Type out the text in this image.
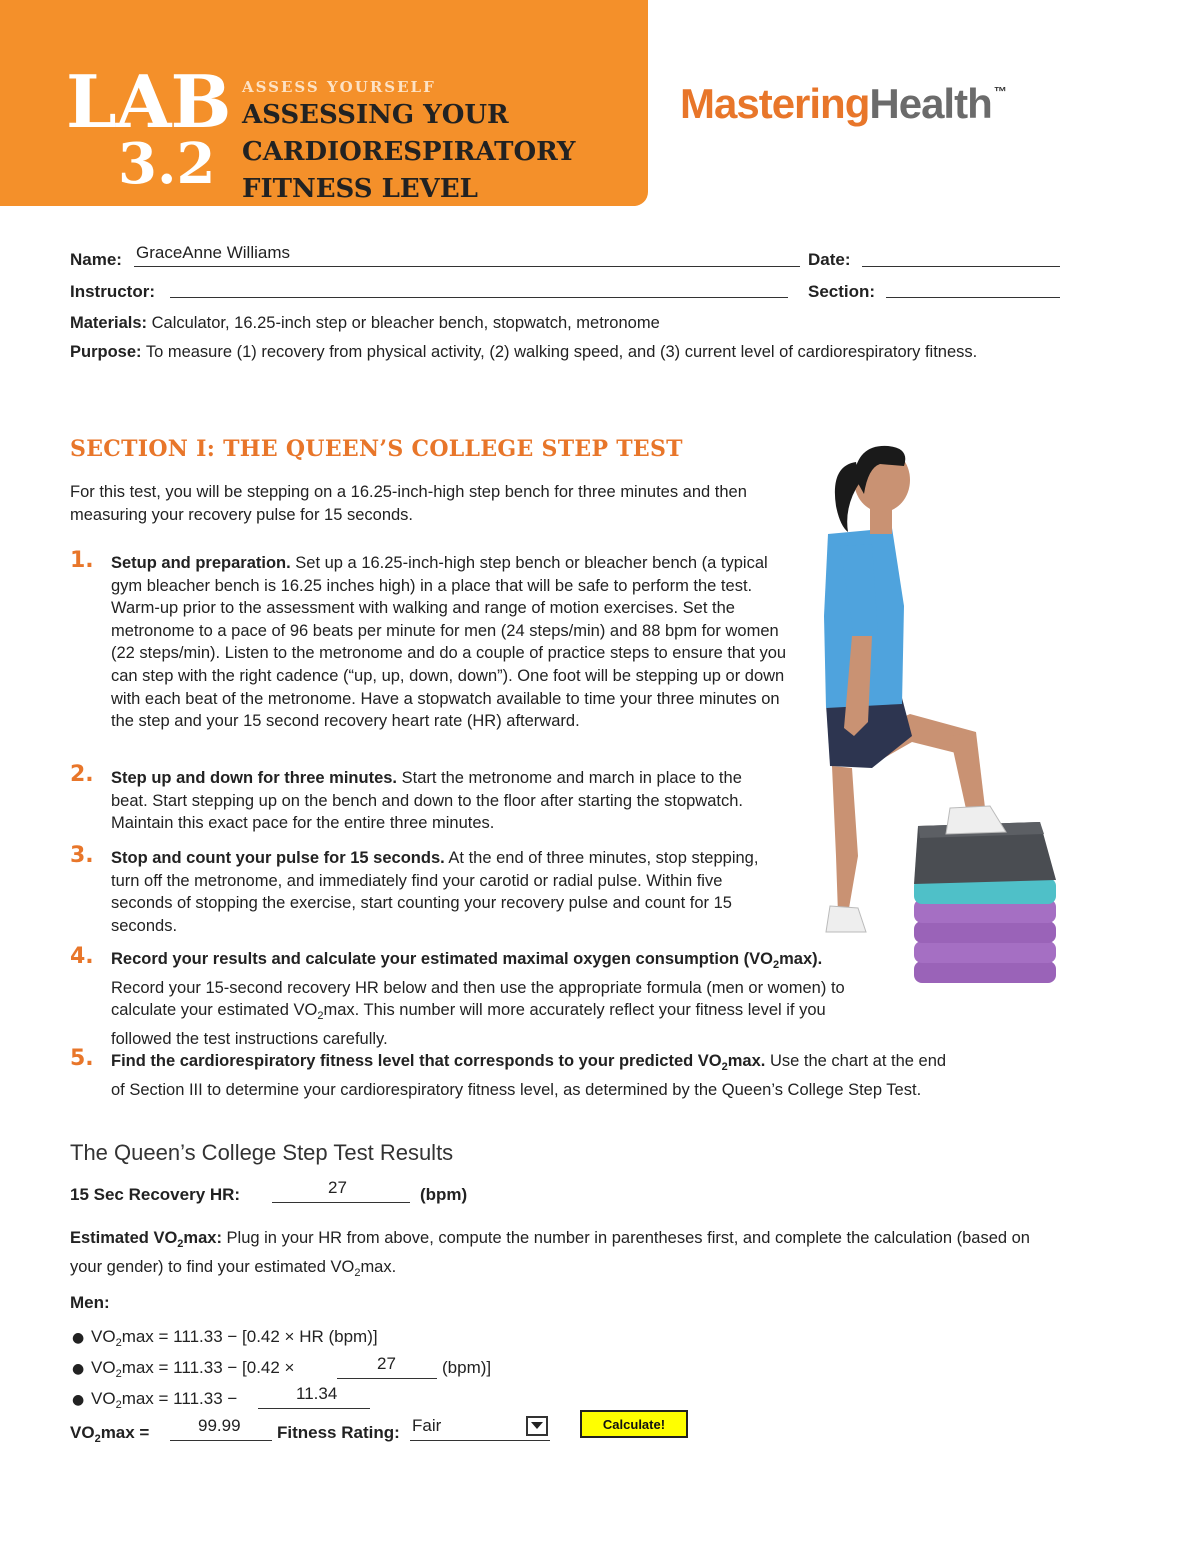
LAB
3.2
ASSESS YOURSELF
ASSESSING YOUR
CARDIORESPIRATORY
FITNESS LEVEL
MasteringHealth ™
Name: GraceAnne Williams	Date:
Instructor:	Section:
Materials: Calculator, 16.25-inch step or bleacher bench, stopwatch, metronome
Purpose: To measure (1) recovery from physical activity, (2) walking speed, and (3) current level of cardiorespiratory fitness.
SECTION I: THE QUEEN’S COLLEGE STEP TEST
For this test, you will be stepping on a 16.25-inch-high step bench for three minutes and then measuring your recovery pulse for 15 seconds.
1. Setup and preparation. Set up a 16.25-inch-high step bench or bleacher bench (a typical gym bleacher bench is 16.25 inches high) in a place that will be safe to perform the test. Warm-up prior to the assessment with walking and range of motion exercises. Set the metronome to a pace of 96 beats per minute for men (24 steps/min) and 88 bpm for women (22 steps/min). Listen to the metronome and do a couple of practice steps to ensure that you can step with the right cadence (“up, up, down, down”). One foot will be stepping up or down with each beat of the metronome. Have a stopwatch available to time your three minutes on the step and your 15 second recovery heart rate (HR) afterward.
2. Step up and down for three minutes. Start the metronome and march in place to the beat. Start stepping up on the bench and down to the floor after starting the stopwatch. Maintain this exact pace for the entire three minutes.
3. Stop and count your pulse for 15 seconds. At the end of three minutes, stop stepping, turn off the metronome, and immediately find your carotid or radial pulse. Within five seconds of stopping the exercise, start counting your recovery pulse and count for 15 seconds.
4. Record your results and calculate your estimated maximal oxygen consumption $(VO_2\max)$. Record your 15-second recovery HR below and then use the appropriate formula (men or women) to calculate your estimated $VO_2\max$. This number will more accurately reflect your fitness level if you followed the test instructions carefully.
5. Find the cardiorespiratory fitness level that corresponds to your predicted $VO_2\max$. Use the chart at the end of Section III to determine your cardiorespiratory fitness level, as determined by the Queen’s College Step Test.
The Queen’s College Step Test Results
15 Sec Recovery HR:	27	(bpm)
Estimated $VO_2\max$: Plug in your HR from above, compute the number in parentheses first, and complete the calculation (based on your gender) to find your estimated $VO_2\max$.
Men:
● $VO_2\max = 111.33 - [0.42$ × HR (bpm)]
● $VO_2\max = 111.33 - [0.42$ ×	27	(bpm)]
● $VO_2\max = 111.33$ −	11.34
$VO_2\max$ =	99.99 Fitness Rating: Fair	Calculate!
